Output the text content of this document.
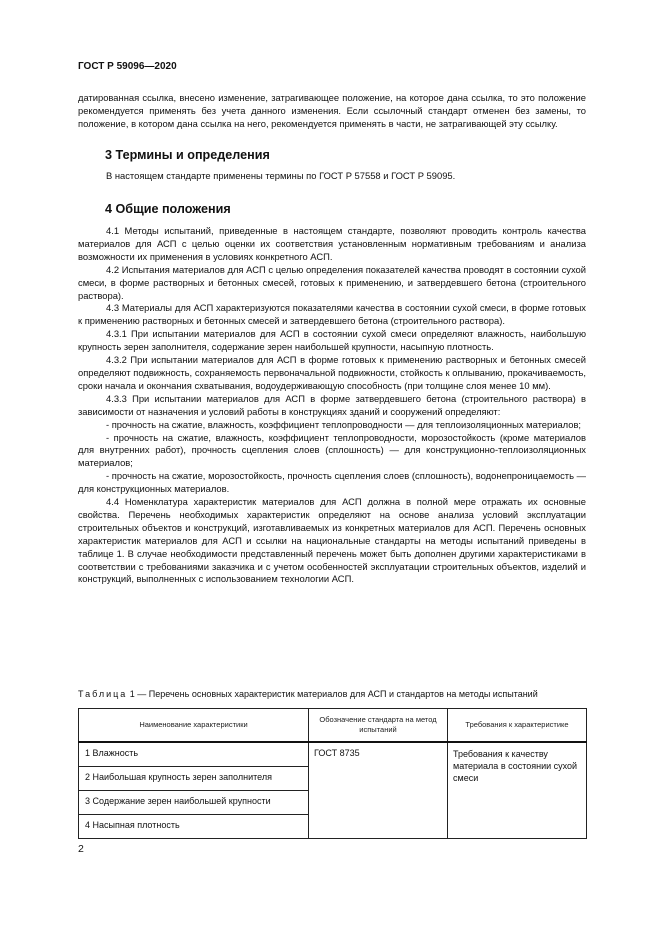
ГОСТ Р 59096—2020

датированная ссылка, внесено изменение, затрагивающее положение, на которое дана ссылка, то это положение рекомендуется применять без учета данного изменения. Если ссылочный стандарт отменен без замены, то положение, в котором дана ссылка на него, рекомендуется применять в части, не затрагивающей эту ссылку.

3 Термины и определения

В настоящем стандарте применены термины по ГОСТ Р 57558 и ГОСТ Р 59095.

4 Общие положения

4.1 Методы испытаний, приведенные в настоящем стандарте, позволяют проводить контроль качества материалов для АСП с целью оценки их соответствия установленным нормативным требованиям и анализа возможности их применения в условиях конкретного АСП.

4.2 Испытания материалов для АСП с целью определения показателей качества проводят в состоянии сухой смеси, в форме растворных и бетонных смесей, готовых к применению, и затвердевшего бетона (строительного раствора).

4.3 Материалы для АСП характеризуются показателями качества в состоянии сухой смеси, в форме готовых к применению растворных и бетонных смесей и затвердевшего бетона (строительного раствора).

4.3.1 При испытании материалов для АСП в состоянии сухой смеси определяют влажность, наибольшую крупность зерен заполнителя, содержание зерен наибольшей крупности, насыпную плотность.

4.3.2 При испытании материалов для АСП в форме готовых к применению растворных и бетонных смесей определяют подвижность, сохраняемость первоначальной подвижности, стойкость к оплыванию, прокачиваемость, сроки начала и окончания схватывания, водоудерживающую способность (при толщине слоя менее 10 мм).

4.3.3 При испытании материалов для АСП в форме затвердевшего бетона (строительного раствора) в зависимости от назначения и условий работы в конструкциях зданий и сооружений определяют:

- прочность на сжатие, влажность, коэффициент теплопроводности — для теплоизоляционных материалов;

- прочность на сжатие, влажность, коэффициент теплопроводности, морозостойкость (кроме материалов для внутренних работ), прочность сцепления слоев (сплошность) — для конструкционно-теплоизоляционных материалов;

- прочность на сжатие, морозостойкость, прочность сцепления слоев (сплошность), водонепроницаемость — для конструкционных материалов.

4.4 Номенклатура характеристик материалов для АСП должна в полной мере отражать их основные свойства. Перечень необходимых характеристик определяют на основе анализа условий эксплуатации строительных объектов и конструкций, изготавливаемых из конкретных материалов для АСП. Перечень основных характеристик материалов для АСП и ссылки на национальные стандарты на методы испытаний приведены в таблице 1. В случае необходимости представленный перечень может быть дополнен другими характеристиками в соответствии с требованиями заказчика и с учетом особенностей эксплуатации строительных объектов, изделий и конструкций, выполненных с использованием технологии АСП.

Таблица 1 — Перечень основных характеристик материалов для АСП и стандартов на методы испытаний
Наименование характеристики	Обозначение стандарта на метод испытаний	Требования к характеристике
1 Влажность	ГОСТ 8735	Требования к качеству материала в состоянии сухой смеси
2 Наибольшая крупность зерен заполнителя		
3 Содержание зерен наибольшей крупности		
4 Насыпная плотность		
2
